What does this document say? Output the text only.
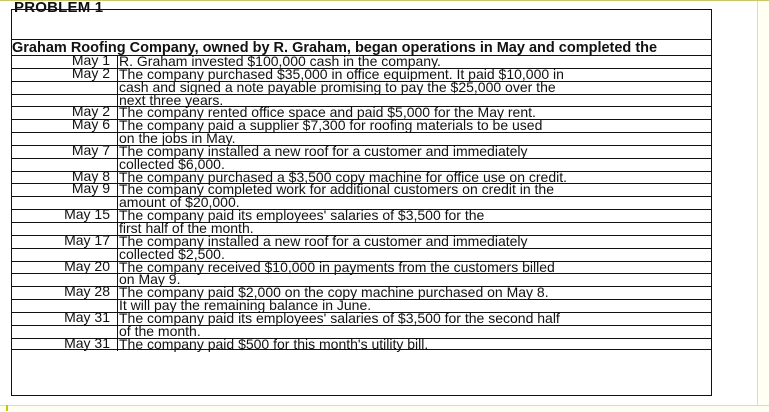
PROBLEM 1
Graham Roofing Company, owned by R. Graham, began operations in May and completed the
May 1 R. Graham invested $100,000 cash in the company.
May 2 The company purchased $35,000 in office equipment. It paid $10,000 in
cash and signed a note payable promising to pay the $25,000 over the
next three years.
May 2 The company rented office space and paid $5,000 for the May rent.
May 6 The company paid a supplier $7,300 for roofing materials to be used
on the jobs in May.
May 7 The company installed a new roof for a customer and immediately
collected $6,000.
May 8 The company purchased a $3,500 copy machine for office use on credit.
May 9 The company completed work for additional customers on credit in the
amount of $20,000.
May 15 The company paid its employees' salaries of $3,500 for the
first half of the month.
May 17 The company installed a new roof for a customer and immediately
collected $2,500.
May 20 The company received $10,000 in payments from the customers billed
on May 9.
May 28 The company paid $2,000 on the copy machine purchased on May 8.
It will pay the remaining balance in June.
May 31 The company paid its employees' salaries of $3,500 for the second half
of the month.
May 31 The company paid $500 for this month's utility bill.
